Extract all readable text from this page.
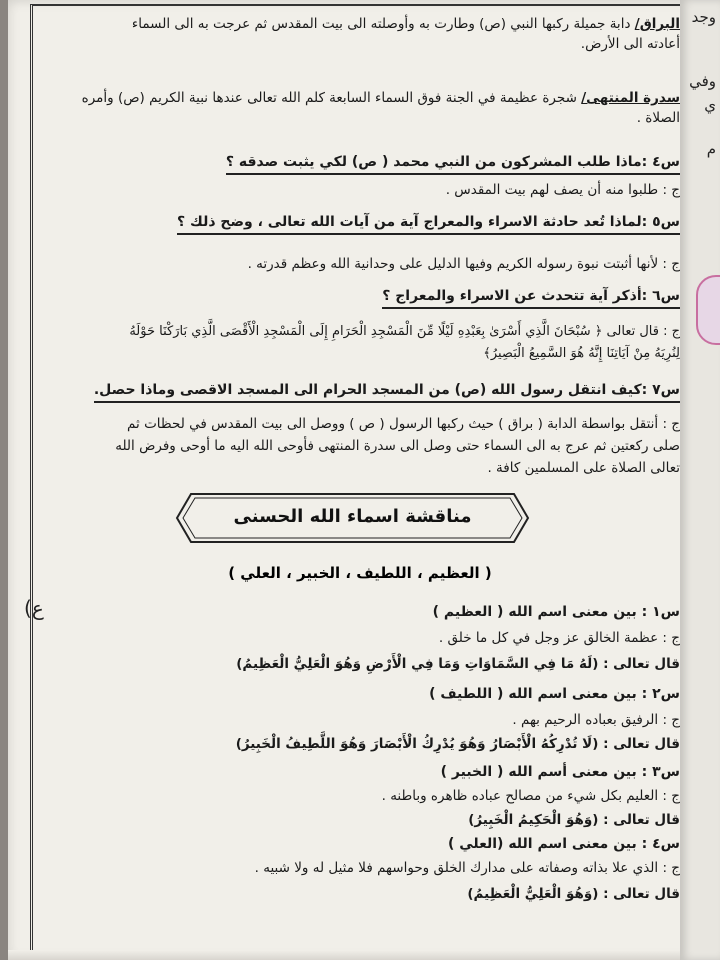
وجد
وفي
ي
م
(ع
البراق/ دابة جميلة ركبها النبي (ص) وطارت به وأوصلته الى بيت المقدس ثم عرجت به الى السماء
أعادته الى الأرض.
سدرة المنتهى/ شجرة عظيمة في الجنة فوق السماء السابعة كلم الله تعالى عندها نبية الكريم (ص) وأمره
الصلاة .
س٤ :ماذا طلب المشركون من النبي محمد ( ص) لكي يثبت صدقه ؟
ج : طلبوا منه أن يصف لهم بيت المقدس .
س٥ :لماذا تُعد حادثة الاسراء والمعراج آية من آيات الله تعالى ، وضح ذلك ؟
ج : لأنها أثبتت نبوة رسوله الكريم وفيها الدليل على وحدانية الله وعظم قدرته .
س٦ :أذكر آية تتحدث عن الاسراء والمعراج ؟
ج : قال تعالى ﴿ سُبْحَانَ الَّذِي أَسْرَىٰ بِعَبْدِهِ لَيْلًا مِّنَ الْمَسْجِدِ الْحَرَامِ إِلَى الْمَسْجِدِ الْأَقْصَى الَّذِي بَارَكْنَا حَوْلَهُ
لِنُرِيَهُ مِنْ آيَاتِنَا إِنَّهُ هُوَ السَّمِيعُ الْبَصِيرُ﴾
س٧ :كيف انتقل رسول الله (ص) من المسجد الحرام الى المسجد الاقصى وماذا حصل.
ج : أنتقل بواسطة الدابة ( براق ) حيث ركبها الرسول ( ص ) ووصل الى بيت المقدس في لحظات ثم
صلى ركعتين ثم عرج به الى السماء حتى وصل الى سدرة المنتهى فأوحى الله اليه ما أوحى وفرض الله
تعالى الصلاة على المسلمين كافة .
مناقشة اسماء الله الحسنى
( العظيم ، اللطيف ، الخبير ، العلي )
س١ : بين معنى اسم الله ( العظيم )
ج : عظمة الخالق عز وجل في كل ما خلق .
قال تعالى : (لَهُ مَا فِي السَّمَاوَاتِ وَمَا فِي الْأَرْضِ وَهُوَ الْعَلِيُّ الْعَظِيمُ)
س٢ : بين معنى اسم الله ( اللطيف )
ج : الرفيق بعباده الرحيم بهم .
قال تعالى : (لَا تُدْرِكُهُ الْأَبْصَارُ وَهُوَ يُدْرِكُ الْأَبْصَارَ وَهُوَ اللَّطِيفُ الْخَبِيرُ)
س٣ : بين معنى أسم الله ( الخبير )
ج : العليم بكل شيء من مصالح عباده ظاهره وباطنه .
قال تعالى : (وَهُوَ الْحَكِيمُ الْخَبِيرُ)
س٤ : بين معنى اسم الله (العلي )
ج : الذي علا بذاته وصفاته على مدارك الخلق وحواسهم فلا مثيل له ولا شبيه .
قال تعالى : (وَهُوَ الْعَلِيُّ الْعَظِيمُ)
